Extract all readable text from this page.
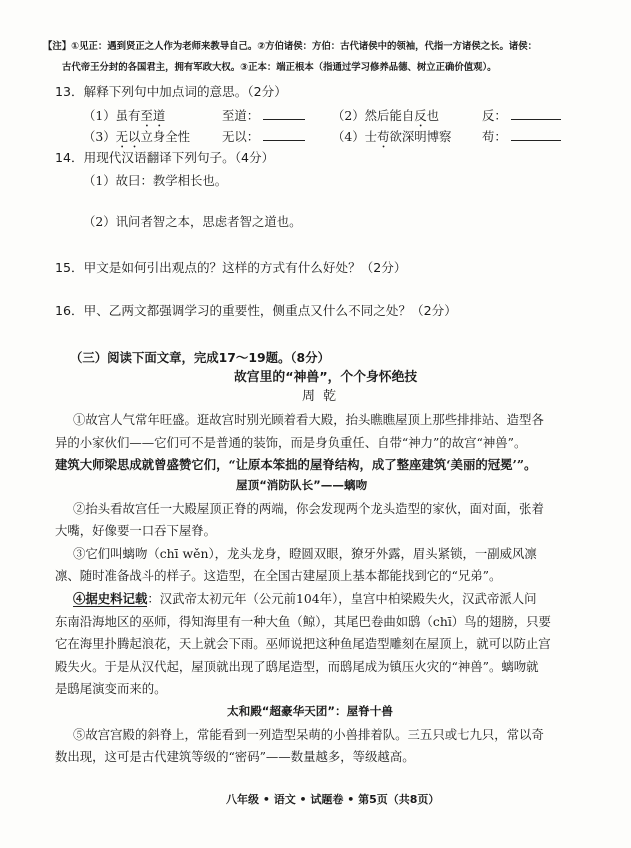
【注】①见正：遇到贤正之人作为老师来教导自己。②方伯诸侯：方伯：古代诸侯中的领袖，代指一方诸侯之长。诸侯：
古代帝王分封的各国君主，拥有军政大权。③正本：端正根本（指通过学习修养品德、树立正确价值观）。
13．解释下列句中加点词的意思。（2分）
（1）虽有至道	至道：	（2）然后能自反也	反：
（3）无以立身全性	无以：	（4）士苟欲深明博察 苟：
14．用现代汉语翻译下列句子。（4分）
（1）故曰：教学相长也。
（2）讯问者智之本，思虑者智之道也。
15．甲文是如何引出观点的？这样的方式有什么好处？（2分）
16．甲、乙两文都强调学习的重要性，侧重点又什么不同之处？（2分）
（三）阅读下面文章，完成17～19题。（8分）
故宫里的“神兽”，个个身怀绝技
周 乾
①故宫人气常年旺盛。逛故宫时别光顾着看大殿，抬头瞧瞧屋顶上那些排排站、造型各
异的小家伙们——它们可不是普通的装饰，而是身负重任、自带“神力”的故宫“神兽”。
建筑大师梁思成就曾盛赞它们，“让原本笨拙的屋脊结构，成了整座建筑‘美丽的冠冕’”。
屋顶“消防队长”——螭吻
②抬头看故宫任一大殿屋顶正脊的两端，你会发现两个龙头造型的家伙，面对面，张着
大嘴，好像要一口吞下屋脊。
③它们叫螭吻（chī wěn），龙头龙身，瞪圆双眼，獠牙外露，眉头紧锁，一副威风凛
凛、随时准备战斗的样子。这造型，在全国古建屋顶上基本都能找到它的“兄弟”。
④据史料记载：汉武帝太初元年（公元前104年），皇宫中柏梁殿失火，汉武帝派人问
东南沿海地区的巫师，得知海里有一种大鱼（鲸），其尾巴卷曲如鸱（chī）鸟的翅膀，只要
它在海里扑腾起浪花，天上就会下雨。巫师说把这种鱼尾造型雕刻在屋顶上，就可以防止宫
殿失火。于是从汉代起，屋顶就出现了鸱尾造型，而鸱尾成为镇压火灾的“神兽”。螭吻就
是鸱尾演变而来的。
太和殿“超豪华天团”：屋脊十兽
⑤故宫宫殿的斜脊上，常能看到一列造型呆萌的小兽排着队。三五只或七九只，常以奇
数出现，这可是古代建筑等级的“密码”——数量越多，等级越高。
八年级 • 语文 • 试题卷 • 第5页（共8页）
